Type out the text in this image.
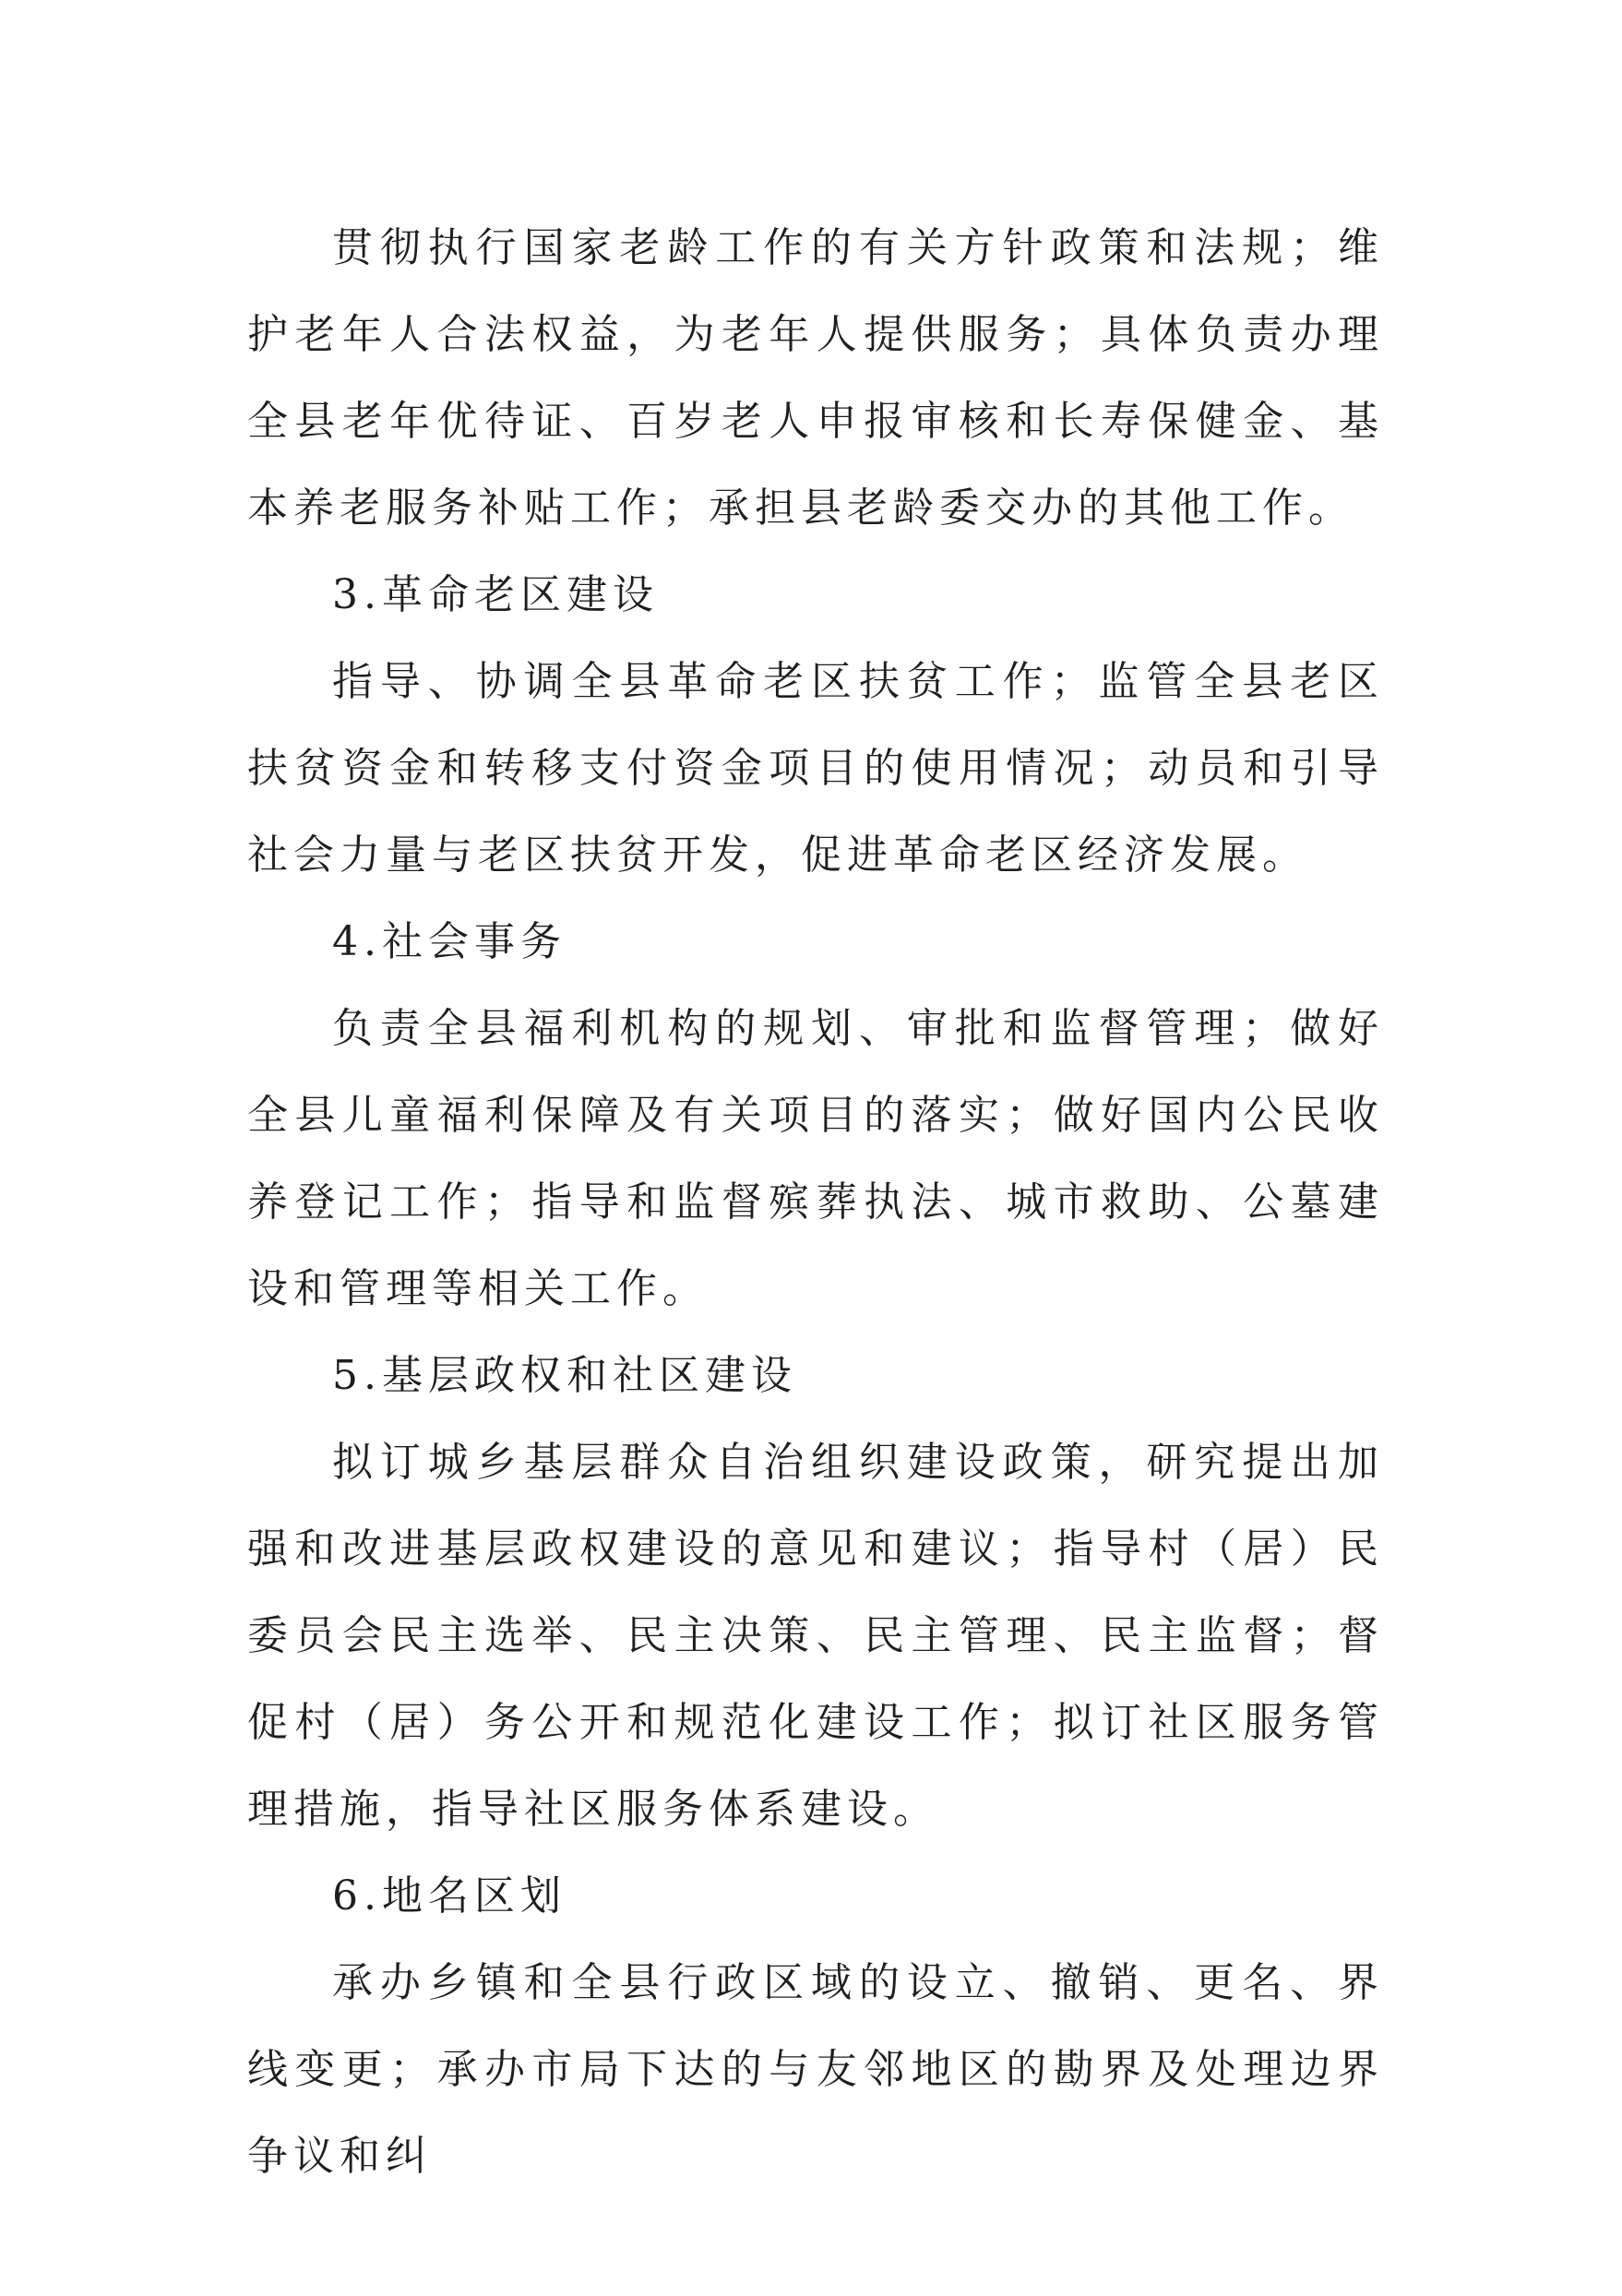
贯彻执行国家老龄工作的有关方针政策和法规；维护老年人合法权益，为老年人提供服务；具体负责办理全县老年优待证、百岁老人申报审核和长寿保健金、基本养老服务补贴工作；承担县老龄委交办的其他工作。

3.革命老区建设

指导、协调全县革命老区扶贫工作；监管全县老区扶贫资金和转移支付资金项目的使用情况；动员和引导社会力量与老区扶贫开发，促进革命老区经济发展。

4.社会事务

负责全县福利机构的规划、审批和监督管理；做好全县儿童福利保障及有关项目的落实；做好国内公民收养登记工作；指导和监督殡葬执法、城市救助、公墓建设和管理等相关工作。

5.基层政权和社区建设

拟订城乡基层群众自治组织建设政策，研究提出加强和改进基层政权建设的意见和建议；指导村（居）民委员会民主选举、民主决策、民主管理、民主监督；督促村（居）务公开和规范化建设工作；拟订社区服务管理措施，指导社区服务体系建设。

6.地名区划

承办乡镇和全县行政区域的设立、撤销、更名、界线变更；承办市局下达的与友邻地区的勘界及处理边界争议和纠
